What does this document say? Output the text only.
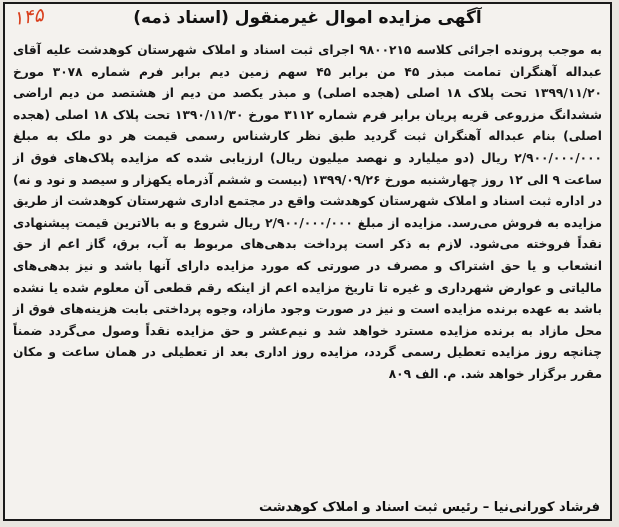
۱۴۵	آگهی مزایده اموال غیرمنقول (اسناد ذمه)
به موجب پرونده اجرائی کلاسه ۹۸۰۰۲۱۵ اجرای ثبت اسناد و املاک شهرستان کوهدشت علیه آقای عبداله آهنگران تمامت مبذر ۴۵ من برابر ۴۵ سهم زمین دیم برابر فرم شماره ۳۰۷۸ مورخ ۱۳۹۹/۱۱/۲۰ تحت پلاک ۱۸ اصلی (هجده اصلی) و مبذر یکصد من دیم از هشتصد من دیم اراضی ششدانگ مزروعی قریه پریان برابر فرم شماره ۳۱۱۲ مورخ ۱۳۹۰/۱۱/۳۰ تحت پلاک ۱۸ اصلی (هجده اصلی) بنام عبداله آهنگران ثبت گردید طبق نظر کارشناس رسمی قیمت هر دو ملک به مبلغ ۲/۹۰۰/۰۰۰/۰۰۰ ریال (دو میلیارد و نهصد میلیون ریال) ارزیابی شده که مزایده پلاک‌های فوق از ساعت ۹ الی ۱۲ روز چهارشنبه مورخ ۱۳۹۹/۰۹/۲۶ (بیست و ششم آذرماه یکهزار و سیصد و نود و نه) در اداره ثبت اسناد و املاک شهرستان کوهدشت واقع در مجتمع اداری شهرستان کوهدشت از طریق مزایده به فروش می‌رسد. مزایده از مبلغ ۲/۹۰۰/۰۰۰/۰۰۰ ریال شروع و به بالاترین قیمت پیشنهادی نقداً فروخته می‌شود. لازم به ذکر است پرداخت بدهی‌های مربوط به آب، برق، گاز اعم از حق انشعاب و یا حق اشتراک و مصرف در صورتی که مورد مزایده دارای آنها باشد و نیز بدهی‌های مالیاتی و عوارض شهرداری و غیره تا تاریخ مزایده اعم از اینکه رقم قطعی آن معلوم شده یا نشده باشد به عهده برنده مزایده است و نیز در صورت وجود مازاد، وجوه پرداختی بابت هزینه‌های فوق از محل مازاد به برنده مزایده مسترد خواهد شد و نیم‌عشر و حق مزایده نقداً وصول می‌گردد ضمناً چنانچه روز مزایده تعطیل رسمی گردد، مزایده روز اداری بعد از تعطیلی در همان ساعت و مکان مقرر برگزار خواهد شد. م. الف ۸۰۹
فرشاد کورانی‌نیا – رئیس ثبت اسناد و املاک کوهدشت
